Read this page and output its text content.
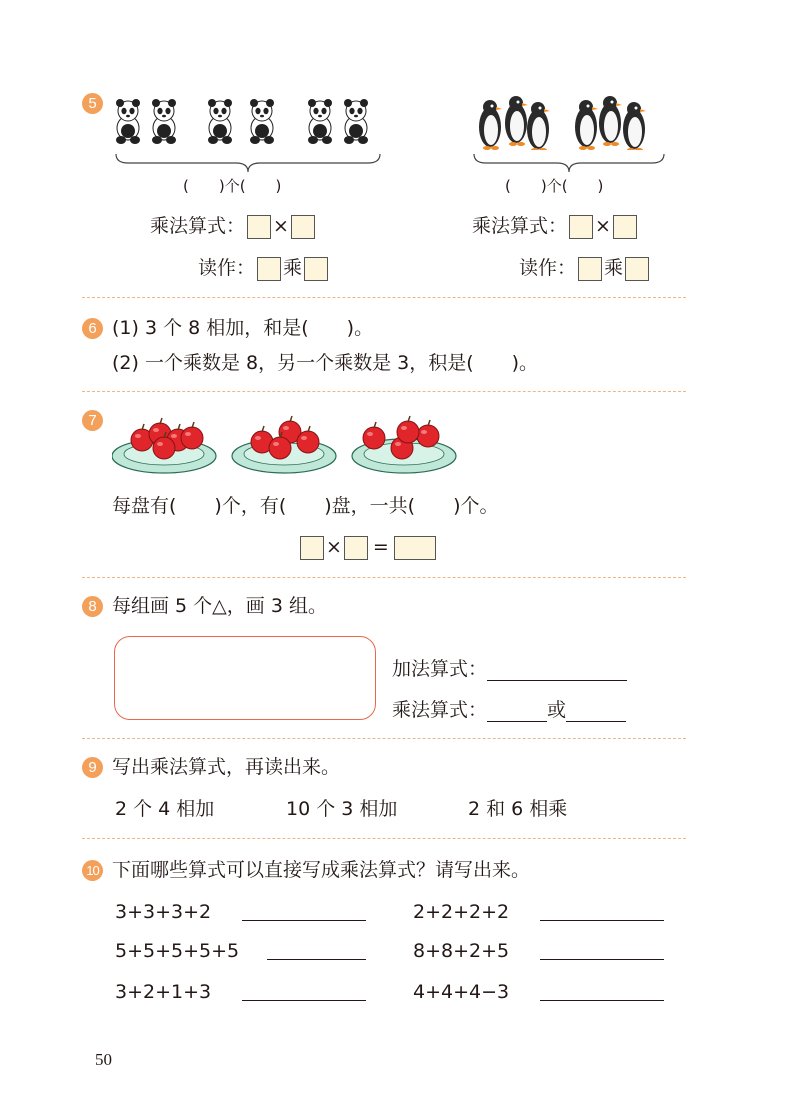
5
(　　)个(　　)	(　　)个(　　)
乘法算式： ×
读作： 乘
乘法算式： ×
读作： 乘
6 (1) 3 个 8 相加，和是(　　)。
(2) 一个乘数是 8，另一个乘数是 3，积是(　　)。
7
每盘有(　　)个，有(　　)盘，一共(　　)个。
× =
8 每组画 5 个△，画 3 组。
加法算式：
乘法算式：	或
9 写出乘法算式，再读出来。
2 个 4 相加	10 个 3 相加	2 和 6 相乘
10 下面哪些算式可以直接写成乘法算式？请写出来。
3+3+3+2	2+2+2+2
5+5+5+5+5	8+8+2+5
3+2+1+3	4+4+4−3
50
